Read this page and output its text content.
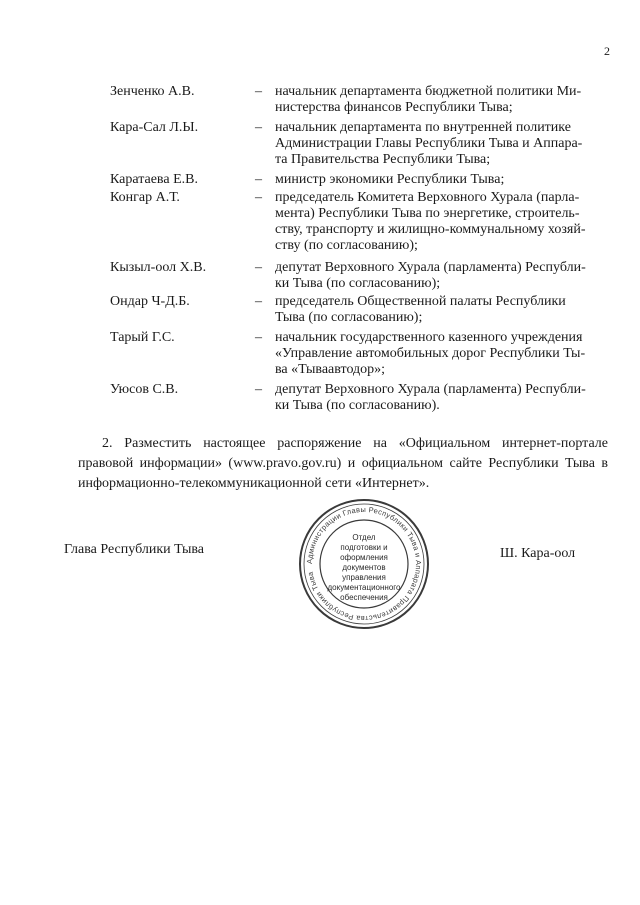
2
Зенченко А.В.	– начальник департамента бюджетной политики Ми-
нистерства финансов Республики Тыва;
Кара-Сал Л.Ы.	– начальник департамента по внутренней политике
Администрации Главы Республики Тыва и Аппара-
та Правительства Республики Тыва;
Каратаева Е.В.	– министр экономики Республики Тыва;
Конгар А.Т.	– председатель Комитета Верховного Хурала (парла-
мента) Республики Тыва по энергетике, строитель-
ству, транспорту и жилищно-коммунальному хозяй-
ству (по согласованию);
Кызыл-оол Х.В.	– депутат Верховного Хурала (парламента) Республи-
ки Тыва (по согласованию);
Ондар Ч-Д.Б.	– председатель Общественной палаты Республики
Тыва (по согласованию);
Тарый Г.С.	– начальник государственного казенного учреждения
«Управление автомобильных дорог Республики Ты-
ва «Тываавтодор»;
Уюсов С.В.	– депутат Верховного Хурала (парламента) Республи-
ки Тыва (по согласованию).
2. Разместить настоящее распоряжение на «Официальном интернет-портале правовой информации» (www.pravo.gov.ru) и официальном сайте Республики Тыва в информационно-телекоммуникационной сети «Интернет».
Глава Республики Тыва
Администрации Главы Республики Тыва и Аппарата Правительства Республики Тыва
Отдел
подготовки и
оформления документов
управления
документационного
обеспечения
Ш. Кара-оол
